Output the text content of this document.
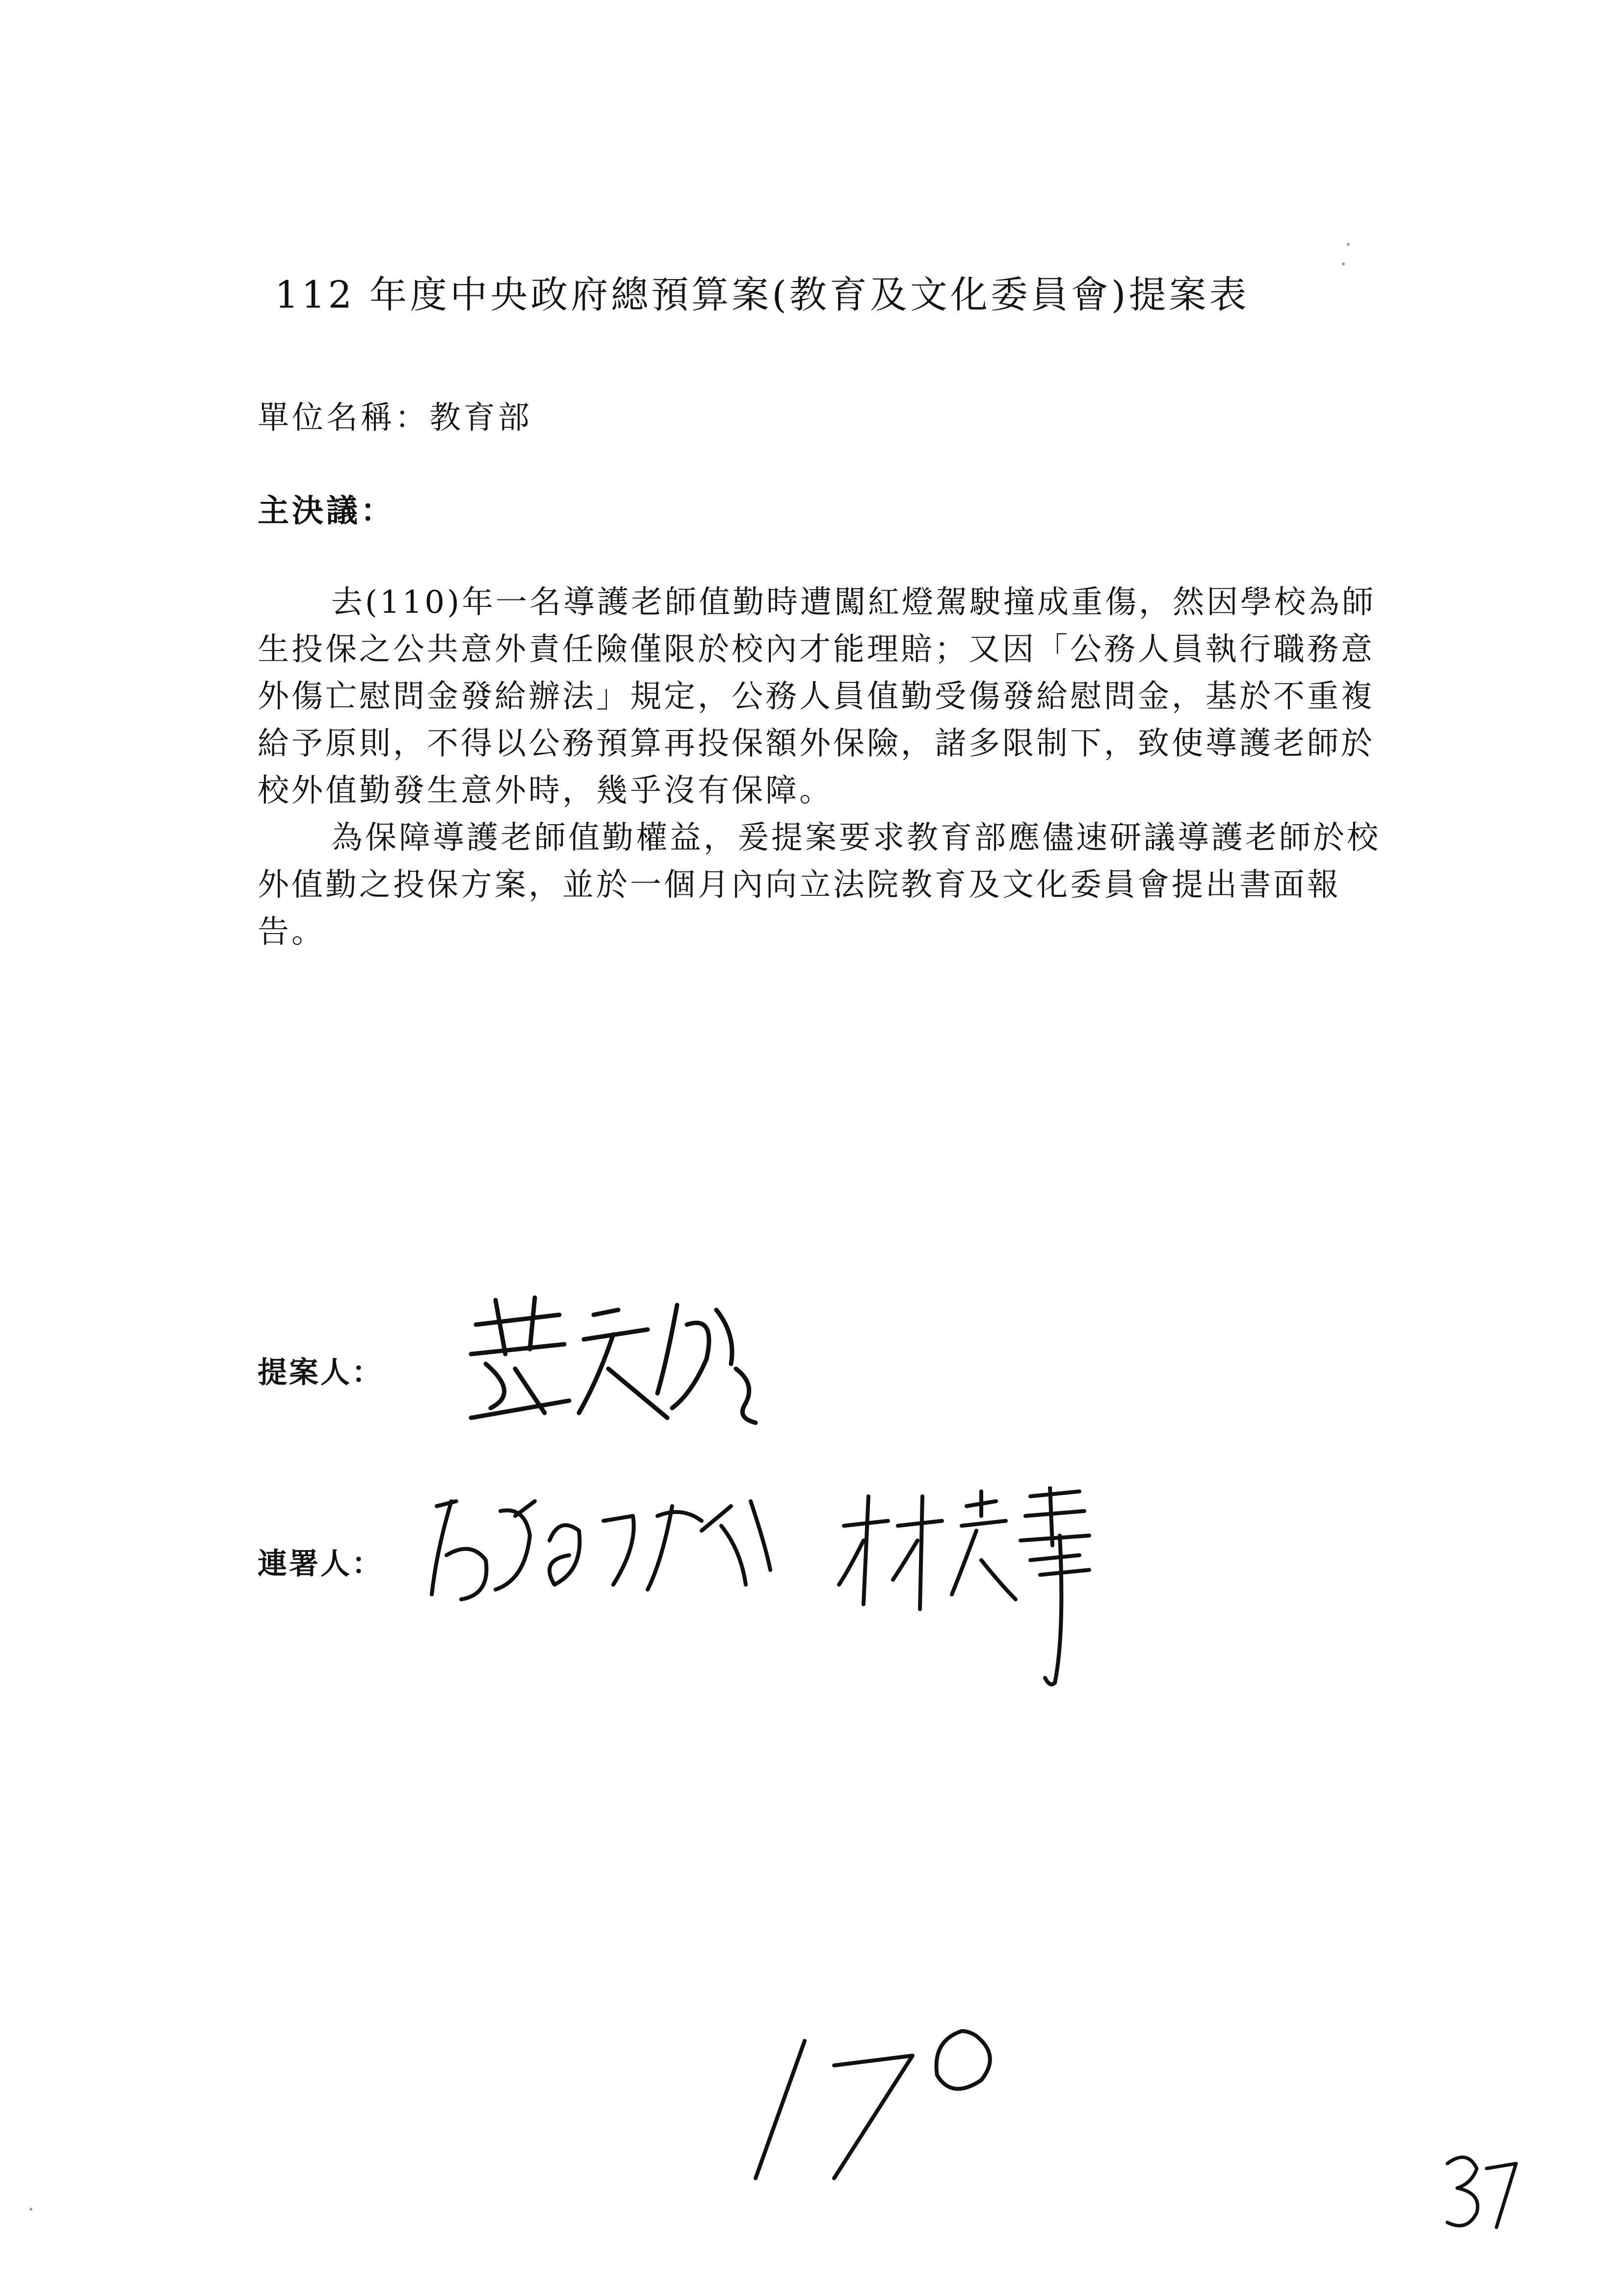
112 年度中央政府總預算案(教育及文化委員會)提案表
單位名稱：教育部
主決議：

去(110)年一名導護老師值勤時遭闖紅燈駕駛撞成重傷，然因學校為師生投保之公共意外責任險僅限於校內才能理賠；又因「公務人員執行職務意外傷亡慰問金發給辦法」規定，公務人員值勤受傷發給慰問金，基於不重複給予原則，不得以公務預算再投保額外保險，諸多限制下，致使導護老師於校外值勤發生意外時，幾乎沒有保障。

為保障導護老師值勤權益，爰提案要求教育部應儘速研議導護老師於校外值勤之投保方案，並於一個月內向立法院教育及文化委員會提出書面報告。

提案人：
連署人：
